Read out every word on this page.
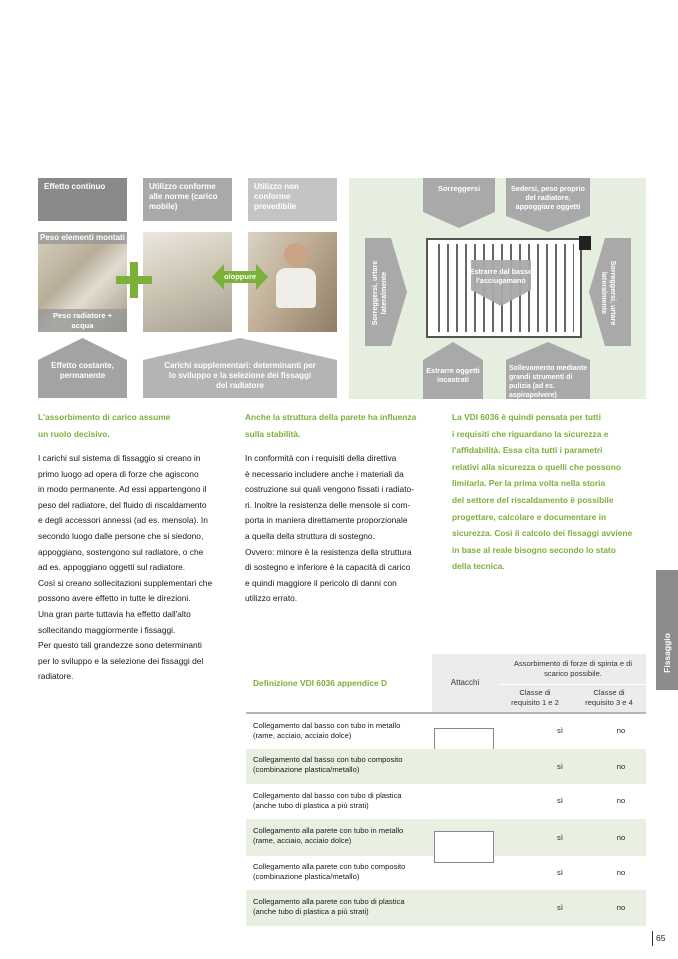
Effetto continuo	Utilizzo conforme alle norme (carico mobile)
Utilizzo non conforme prevedibile
Peso elementi montati
Peso radiatore + acqua
o/oppure
Effetto costante, permanente
Carichi supplementari: determinanti per lo sviluppo e la selezione dei fissaggi del radiatore
Sorreggersi	Sedersi, peso proprio del radiatore, appoggiare oggetti
Sorreggersi, urtare lateralmente	Sorreggersi, urtare lateralmente
Estrarre dal basso l'asciugamano
Estrarre oggetti incastrati
Sollevamento mediante grandi strumenti di pulizia (ad es. aspirapolvere)
L'assorbimento di carico assume
un ruolo decisivo.

I carichi sul sistema di fissaggio si creano in

primo luogo ad opera di forze che agiscono

in modo permanente. Ad essi appartengono il

peso del radiatore, del fluido di riscaldamento

e degli accessori annessi (ad es. mensola). In

secondo luogo dalle persone che si siedono,

appoggiano, sostengono sul radiatore, o che

ad es. appoggiano oggetti sul radiatore.

Così si creano sollecitazioni supplementari che

possono avere effetto in tutte le direzioni.

Una gran parte tuttavia ha effetto dall'alto

sollecitando maggiormente i fissaggi.

Per questo tali grandezze sono determinanti

per lo sviluppo e la selezione dei fissaggi del

radiatore.

Anche la struttura della parete ha influenza
sulla stabilità.

In conformità con i requisiti della direttiva

è necessario includere anche i materiali da

costruzione sui quali vengono fissati i radiato-

ri. Inoltre la resistenza delle mensole si com-

porta in maniera direttamente proporzionale

a quella della struttura di sostegno.

Ovvero: minore è la resistenza della struttura

di sostegno e inferiore è la capacità di carico

e quindi maggiore il pericolo di danni con

utilizzo errato.

La VDI 6036 è quindi pensata per tutti

i requisiti che riguardano la sicurezza e

l'affidabilità. Essa cita tutti i parametri

relativi alla sicurezza o quelli che possono

limitarla. Per la prima volta nella storia

del settore del riscaldamento è possibile

progettare, calcolare e documentare in

sicurezza. Così il calcolo dei fissaggi avviene

in base al reale bisogno secondo lo stato

della tecnica.

Definizione VDI 6036 appendice D	Attacchi
Assorbimento di forze di spinta e di scarico possibile.
Classe di requisito 1 e 2
Classe di requisito 3 e 4
Collegamento dal basso con tubo in metallo
(rame, acciaio, acciaio dolce)
sì	no
Collegamento dal basso con tubo composito
(combinazione plastica/metallo)	sì	no
Collegamento dal basso con tubo di plastica
(anche tubo di plastica a più strati)
sì	no
Collegamento alla parete con tubo in metallo
(rame, acciaio, acciaio dolce)	sì	no
Collegamento alla parete con tubo composito
(combinazione plastica/metallo)	sì	no
Collegamento alla parete con tubo di plastica
(anche tubo di plastica a più strati)	sì	no
Fissaggio
65
